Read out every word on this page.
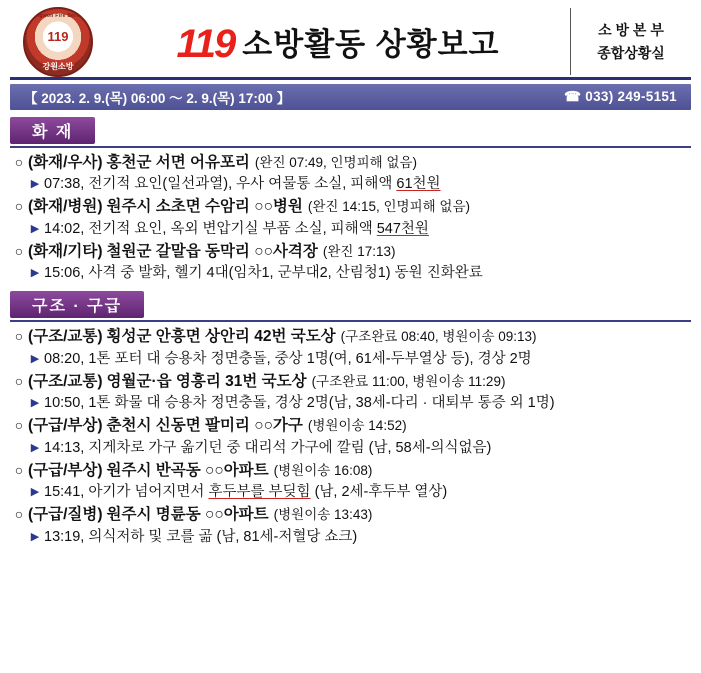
Gangwon Fire Service
119
강원소방
119 소방활동 상황보고	소 방 본 부
종합상황실
【 2023. 2. 9.(목) 06:00 ～ 2. 9.(목) 17:00 】	☎ 033) 249-5151
화 재
○ (화재/우사) 홍천군 서면 어유포리 (완진 07:49, 인명피해 없음)
▶ 07:38, 전기적 요인(일선과열), 우사 여물통 소실, 피해액 61천원
○ (화재/병원) 원주시 소초면 수암리 ○○병원 (완진 14:15, 인명피해 없음)
▶ 14:02, 전기적 요인, 옥외 변압기실 부품 소실, 피해액 547천원
○ (화재/기타) 철원군 갈말읍 동막리 ○○사격장 (완진 17:13)
▶ 15:06, 사격 중 발화, 헬기 4대(임차1, 군부대2, 산림청1) 동원 진화완료
구조 · 구급
○ (구조/교통) 횡성군 안흥면 상안리 42번 국도상 (구조완료 08:40, 병원이송 09:13)
▶ 08:20, 1톤 포터 대 승용차 정면충돌, 중상 1명(여, 61세-두부열상 등), 경상 2명
○ (구조/교통) 영월군·읍 영흥리 31번 국도상 (구조완료 11:00, 병원이송 11:29)
▶ 10:50, 1톤 화물 대 승용차 정면충돌, 경상 2명(남, 38세-다리 · 대퇴부 통증 외 1명)
○ (구급/부상) 춘천시 신동면 팔미리 ○○가구 (병원이송 14:52)
▶ 14:13, 지게차로 가구 옮기던 중 대리석 가구에 깔림 (남, 58세-의식없음)
○ (구급/부상) 원주시 반곡동 ○○아파트 (병원이송 16:08)
▶ 15:41, 아기가 넘어지면서 후두부를 부딪힘 (남, 2세-후두부 열상)
○ (구급/질병) 원주시 명륜동 ○○아파트 (병원이송 13:43)
▶ 13:19, 의식저하 및 코를 곪 (남, 81세-저혈당 쇼크)
